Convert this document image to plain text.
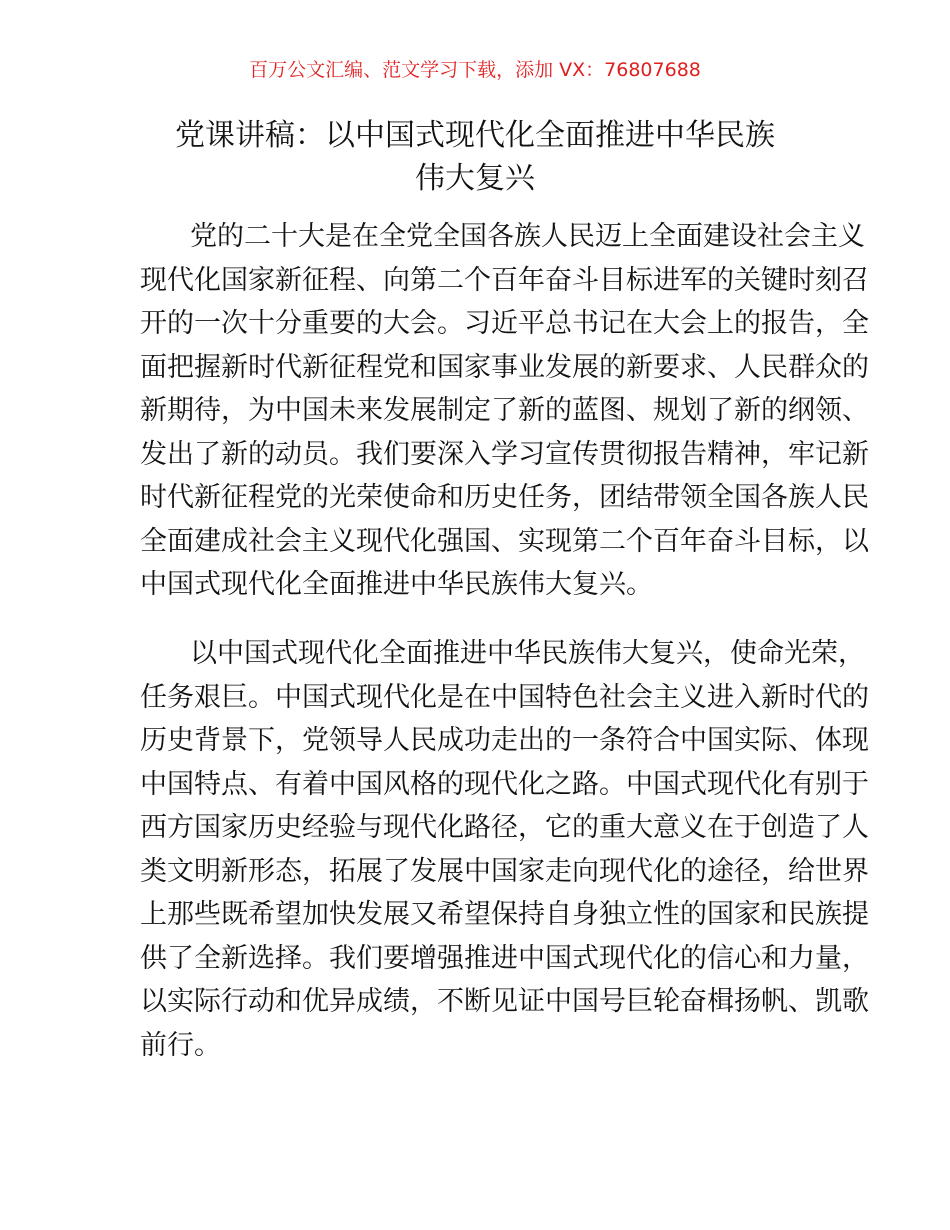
百万公文汇编、范文学习下载，添加 VX：76807688
党课讲稿：以中国式现代化全面推进中华民族
伟大复兴
党的二十大是在全党全国各族人民迈上全面建设社会主义
现代化国家新征程、向第二个百年奋斗目标进军的关键时刻召
开的一次十分重要的大会。习近平总书记在大会上的报告，全
面把握新时代新征程党和国家事业发展的新要求、人民群众的
新期待，为中国未来发展制定了新的蓝图、规划了新的纲领、
发出了新的动员。我们要深入学习宣传贯彻报告精神，牢记新
时代新征程党的光荣使命和历史任务，团结带领全国各族人民
全面建成社会主义现代化强国、实现第二个百年奋斗目标，以
中国式现代化全面推进中华民族伟大复兴。
以中国式现代化全面推进中华民族伟大复兴，使命光荣，
任务艰巨。中国式现代化是在中国特色社会主义进入新时代的
历史背景下，党领导人民成功走出的一条符合中国实际、体现
中国特点、有着中国风格的现代化之路。中国式现代化有别于
西方国家历史经验与现代化路径，它的重大意义在于创造了人
类文明新形态，拓展了发展中国家走向现代化的途径，给世界
上那些既希望加快发展又希望保持自身独立性的国家和民族提
供了全新选择。我们要增强推进中国式现代化的信心和力量，
以实际行动和优异成绩，不断见证中国号巨轮奋楫扬帆、凯歌
前行。
